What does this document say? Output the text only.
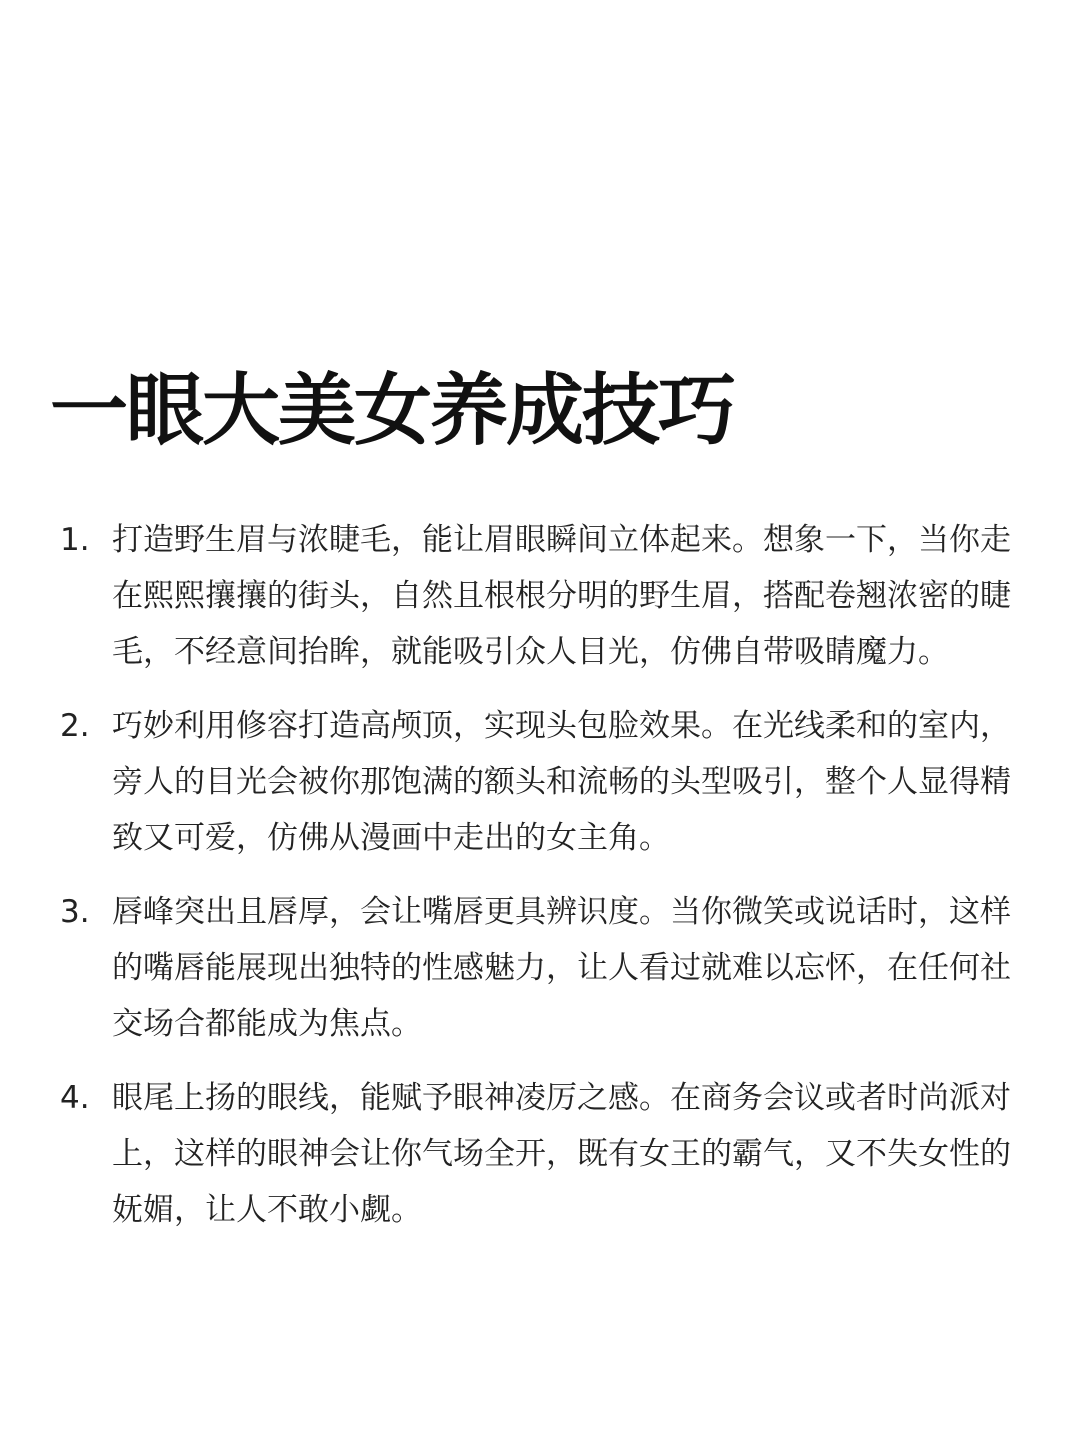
一眼大美女养成技巧
1. 打造野生眉与浓睫毛，能让眉眼瞬间立体起来。想象一下，当你走在熙熙攘攘的街头，自然且根根分明的野生眉，搭配卷翘浓密的睫毛，不经意间抬眸，就能吸引众人目光，仿佛自带吸睛魔力。

2. 巧妙利用修容打造高颅顶，实现头包脸效果。在光线柔和的室内，旁人的目光会被你那饱满的额头和流畅的头型吸引，整个人显得精致又可爱，仿佛从漫画中走出的女主角。

3. 唇峰突出且唇厚，会让嘴唇更具辨识度。当你微笑或说话时，这样的嘴唇能展现出独特的性感魅力，让人看过就难以忘怀，在任何社交场合都能成为焦点。

4. 眼尾上扬的眼线，能赋予眼神凌厉之感。在商务会议或者时尚派对上，这样的眼神会让你气场全开，既有女王的霸气，又不失女性的妩媚，让人不敢小觑。
